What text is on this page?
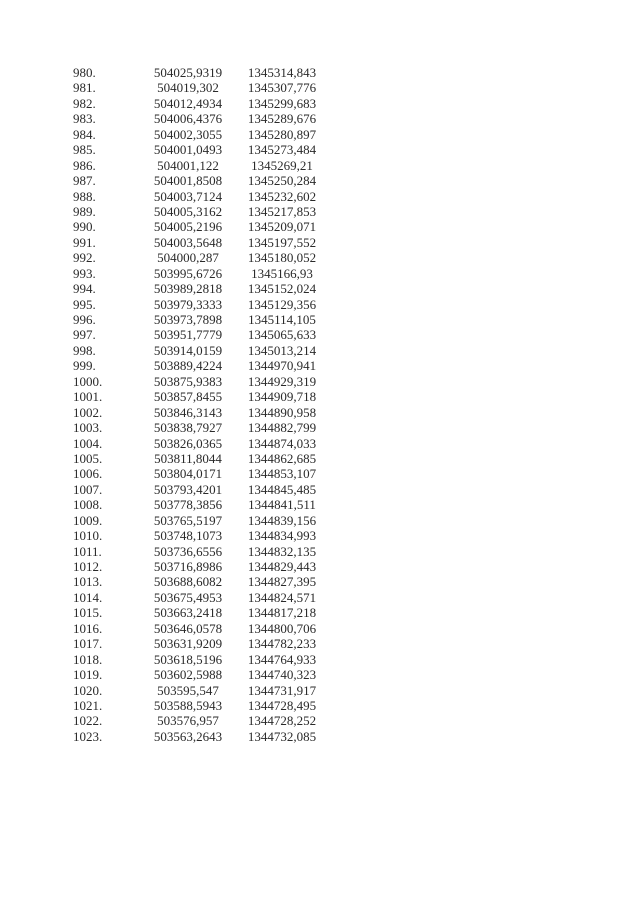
980.	504025,9319	1345314,843
981.	504019,302	1345307,776
982.	504012,4934	1345299,683
983.	504006,4376	1345289,676
984.	504002,3055	1345280,897
985.	504001,0493	1345273,484
986.	504001,122	1345269,21
987.	504001,8508	1345250,284
988.	504003,7124	1345232,602
989.	504005,3162	1345217,853
990.	504005,2196	1345209,071
991.	504003,5648	1345197,552
992.	504000,287	1345180,052
993.	503995,6726	1345166,93
994.	503989,2818	1345152,024
995.	503979,3333	1345129,356
996.	503973,7898	1345114,105
997.	503951,7779	1345065,633
998.	503914,0159	1345013,214
999.	503889,4224	1344970,941
1000.	503875,9383	1344929,319
1001.	503857,8455	1344909,718
1002.	503846,3143	1344890,958
1003.	503838,7927	1344882,799
1004.	503826,0365	1344874,033
1005.	503811,8044	1344862,685
1006.	503804,0171	1344853,107
1007.	503793,4201	1344845,485
1008.	503778,3856	1344841,511
1009.	503765,5197	1344839,156
1010.	503748,1073	1344834,993
1011.	503736,6556	1344832,135
1012.	503716,8986	1344829,443
1013.	503688,6082	1344827,395
1014.	503675,4953	1344824,571
1015.	503663,2418	1344817,218
1016.	503646,0578	1344800,706
1017.	503631,9209	1344782,233
1018.	503618,5196	1344764,933
1019.	503602,5988	1344740,323
1020.	503595,547	1344731,917
1021.	503588,5943	1344728,495
1022.	503576,957	1344728,252
1023.	503563,2643	1344732,085
